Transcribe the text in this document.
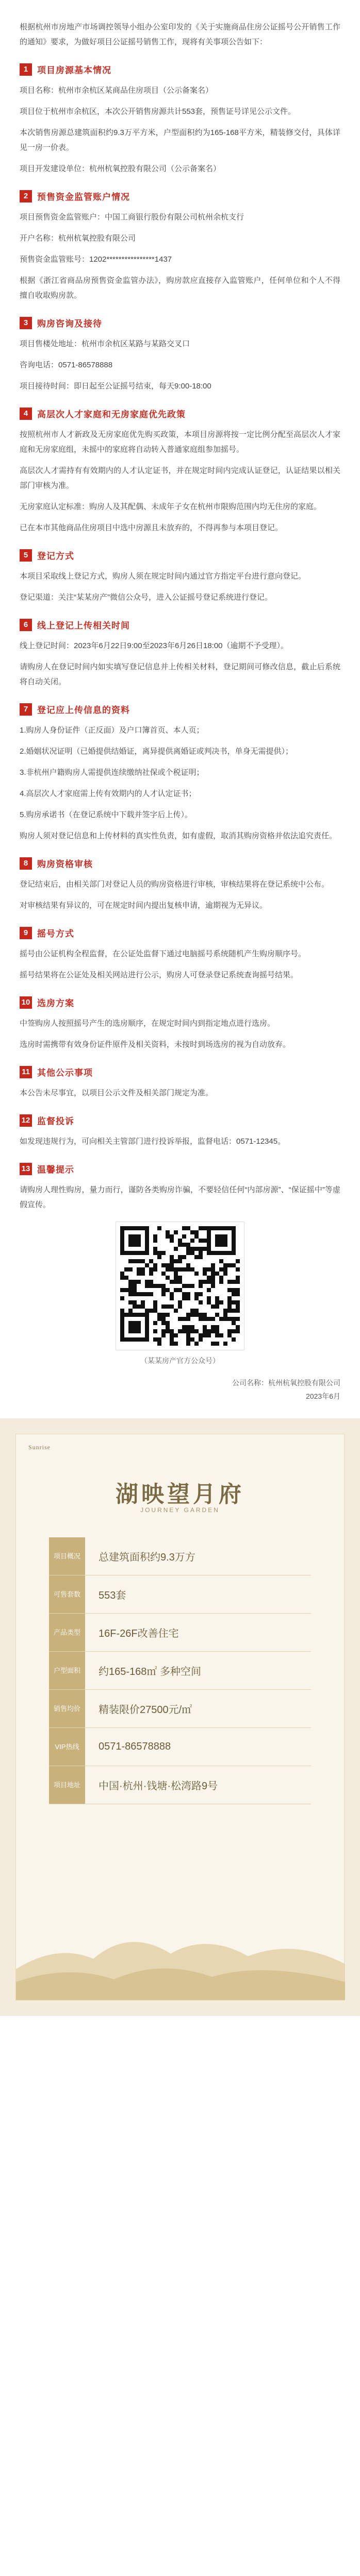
根据杭州市房地产市场调控领导小组办公室印发的《关于实施商品住房公证摇号公开销售工作的通知》要求，为做好项目公证摇号销售工作，现将有关事项公告如下：

1	项目房源基本情况

项目名称：杭州市余杭区某商品住房项目（公示备案名）

项目位于杭州市余杭区，本次公开销售房源共计553套，预售证号详见公示文件。

本次销售房源总建筑面积约9.3万平方米，户型面积约为165-168平方米，精装修交付，具体详见一房一价表。

项目开发建设单位：杭州杭氧控股有限公司（公示备案名）

2	预售资金监管账户情况

项目预售资金监管账户：中国工商银行股份有限公司杭州余杭支行

开户名称：杭州杭氧控股有限公司

预售资金监管账号：1202****************1437

根据《浙江省商品房预售资金监管办法》，购房款应直接存入监管账户，任何单位和个人不得擅自收取购房款。

3	购房咨询及接待

项目售楼处地址：杭州市余杭区某路与某路交叉口

咨询电话：0571-86578888

项目接待时间：即日起至公证摇号结束，每天9:00-18:00

4	高层次人才家庭和无房家庭优先政策

按照杭州市人才新政及无房家庭优先购买政策，本项目房源将按一定比例分配至高层次人才家庭和无房家庭组，未摇中的家庭将自动转入普通家庭组参加摇号。

高层次人才需持有有效期内的人才认定证书，并在规定时间内完成认证登记，认证结果以相关部门审核为准。

无房家庭认定标准：购房人及其配偶、未成年子女在杭州市限购范围内均无住房的家庭。

已在本市其他商品住房项目中选中房源且未放弃的，不得再参与本项目登记。

5	登记方式

本项目采取线上登记方式，购房人须在规定时间内通过官方指定平台进行意向登记。

登记渠道：关注“某某房产”微信公众号，进入公证摇号登记系统进行登记。

6	线上登记上传相关时间

线上登记时间：2023年6月22日9:00至2023年6月26日18:00（逾期不予受理）。

请购房人在登记时间内如实填写登记信息并上传相关材料，登记期间可修改信息，截止后系统将自动关闭。

7	登记应上传信息的资料

1.购房人身份证件（正反面）及户口簿首页、本人页；

2.婚姻状况证明（已婚提供结婚证，离异提供离婚证或判决书，单身无需提供）；

3.非杭州户籍购房人需提供连续缴纳社保或个税证明；

4.高层次人才家庭需上传有效期内的人才认定证书；

5.购房承诺书（在登记系统中下载并签字后上传）。

购房人须对登记信息和上传材料的真实性负责，如有虚假，取消其购房资格并依法追究责任。

8	购房资格审核

登记结束后，由相关部门对登记人员的购房资格进行审核，审核结果将在登记系统中公布。

对审核结果有异议的，可在规定时间内提出复核申请，逾期视为无异议。

9	摇号方式

摇号由公证机构全程监督，在公证处监督下通过电脑摇号系统随机产生购房顺序号。

摇号结果将在公证处及相关网站进行公示，购房人可登录登记系统查询摇号结果。

10 选房方案

中签购房人按照摇号产生的选房顺序，在规定时间内到指定地点进行选房。

选房时需携带有效身份证件原件及相关资料，未按时到场选房的视为自动放弃。

11 其他公示事项

本公告未尽事宜，以项目公示文件及相关部门规定为准。

12 监督投诉

如发现违规行为，可向相关主管部门进行投诉举报，监督电话：0571-12345。

13 温馨提示

请购房人理性购房，量力而行，谨防各类购房诈骗，不要轻信任何“内部房源”、“保证摇中”等虚假宣传。

（某某房产官方公众号）
公司名称：杭州杭氧控股有限公司
2023年6月
Sunrise
湖映望月府
JOURNEY GARDEN
项目概况	总建筑面积约9.3万方
可售套数	553套
产品类型	16F-26F改善住宅
户型面积	约165-168㎡ 多种空间
销售均价	精装限价27500元/㎡
VIP热线	0571-86578888
项目地址	中国·杭州·钱塘·松湾路9号
